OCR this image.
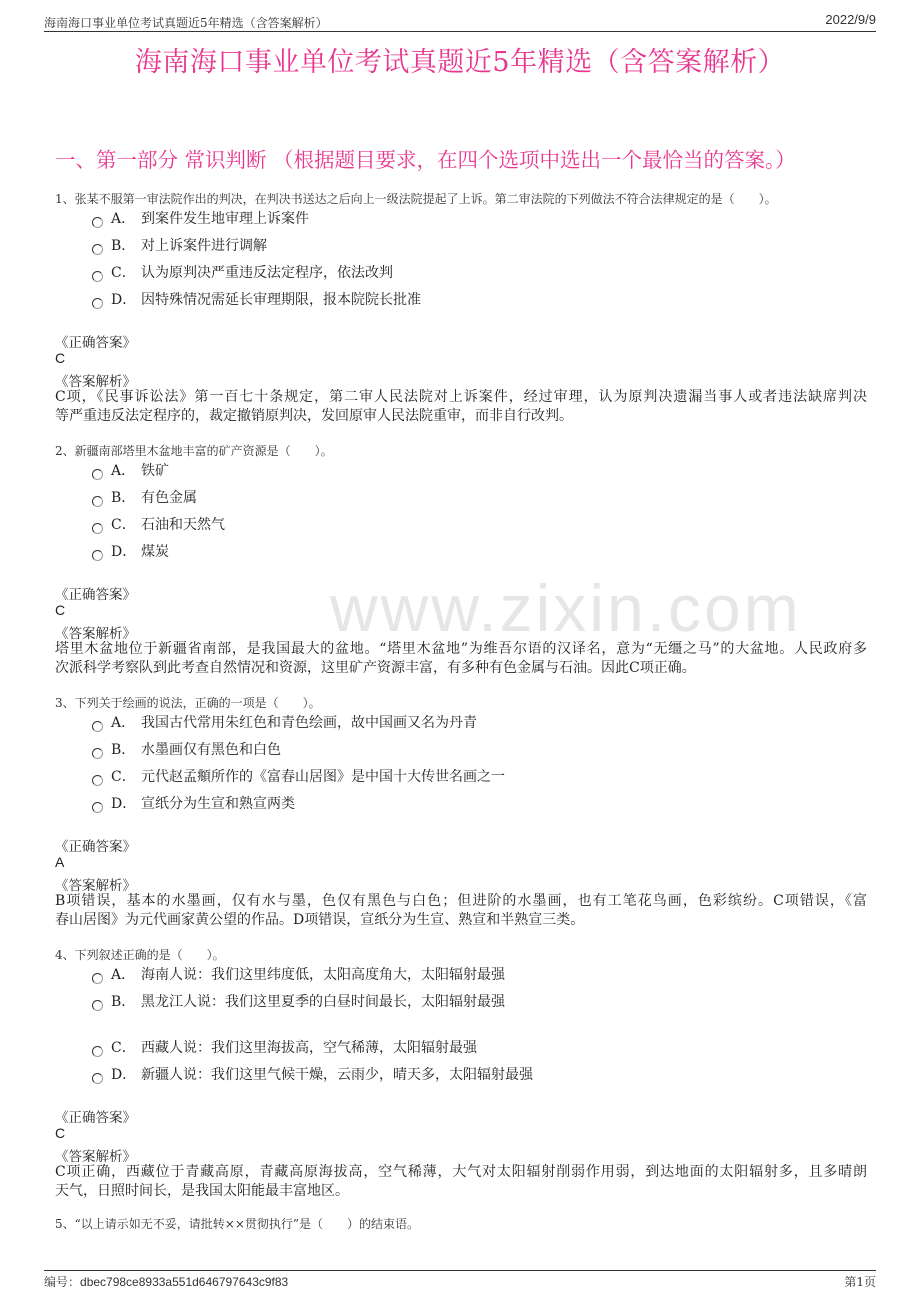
海南海口事业单位考试真题近5年精选（含答案解析）	2022/9/9
海南海口事业单位考试真题近5年精选（含答案解析）
一、第一部分 常识判断 （根据题目要求，在四个选项中选出一个最恰当的答案。）
www.zixin.com
1、张某不服第一审法院作出的判决，在判决书送达之后向上一级法院提起了上诉。第二审法院的下列做法不符合法律规定的是（　　）。
A． 到案件发生地审理上诉案件
B． 对上诉案件进行调解
C． 认为原判决严重违反法定程序，依法改判
D． 因特殊情况需延长审理期限，报本院院长批准
《正确答案》
C
《答案解析》
C项，《民事诉讼法》第一百七十条规定，第二审人民法院对上诉案件，经过审理，认为原判决遗漏当事人或者违法缺席判决
等严重违反法定程序的，裁定撤销原判决，发回原审人民法院重审，而非自行改判。
2、新疆南部塔里木盆地丰富的矿产资源是（　　）。
A． 铁矿
B． 有色金属
C． 石油和天然气
D． 煤炭
《正确答案》
C
《答案解析》
塔里木盆地位于新疆省南部，是我国最大的盆地。“塔里木盆地”为维吾尔语的汉译名，意为“无缰之马”的大盆地。人民政府多
次派科学考察队到此考查自然情况和资源，这里矿产资源丰富，有多种有色金属与石油。因此C项正确。
3、下列关于绘画的说法，正确的一项是（　　）。
A． 我国古代常用朱红色和青色绘画，故中国画又名为丹青
B． 水墨画仅有黑色和白色
C． 元代赵孟頫所作的《富春山居图》是中国十大传世名画之一
D． 宣纸分为生宣和熟宣两类
《正确答案》
A
《答案解析》
B项错误，基本的水墨画，仅有水与墨，色仅有黑色与白色；但进阶的水墨画，也有工笔花鸟画，色彩缤纷。C项错误，《富
春山居图》为元代画家黄公望的作品。D项错误，宣纸分为生宣、熟宣和半熟宣三类。
4、下列叙述正确的是（　　）。
A． 海南人说：我们这里纬度低，太阳高度角大，太阳辐射最强
B． 黑龙江人说：我们这里夏季的白昼时间最长，太阳辐射最强
C． 西藏人说：我们这里海拔高，空气稀薄，太阳辐射最强
D． 新疆人说：我们这里气候干燥，云雨少，晴天多，太阳辐射最强
《正确答案》
C
《答案解析》
C项正确，西藏位于青藏高原，青藏高原海拔高，空气稀薄，大气对太阳辐射削弱作用弱，到达地面的太阳辐射多，且多晴朗
天气，日照时间长，是我国太阳能最丰富地区。
5、“以上请示如无不妥，请批转××贯彻执行”是（　　）的结束语。
编号：dbec798ce8933a551d646797643c9f83	第1页
